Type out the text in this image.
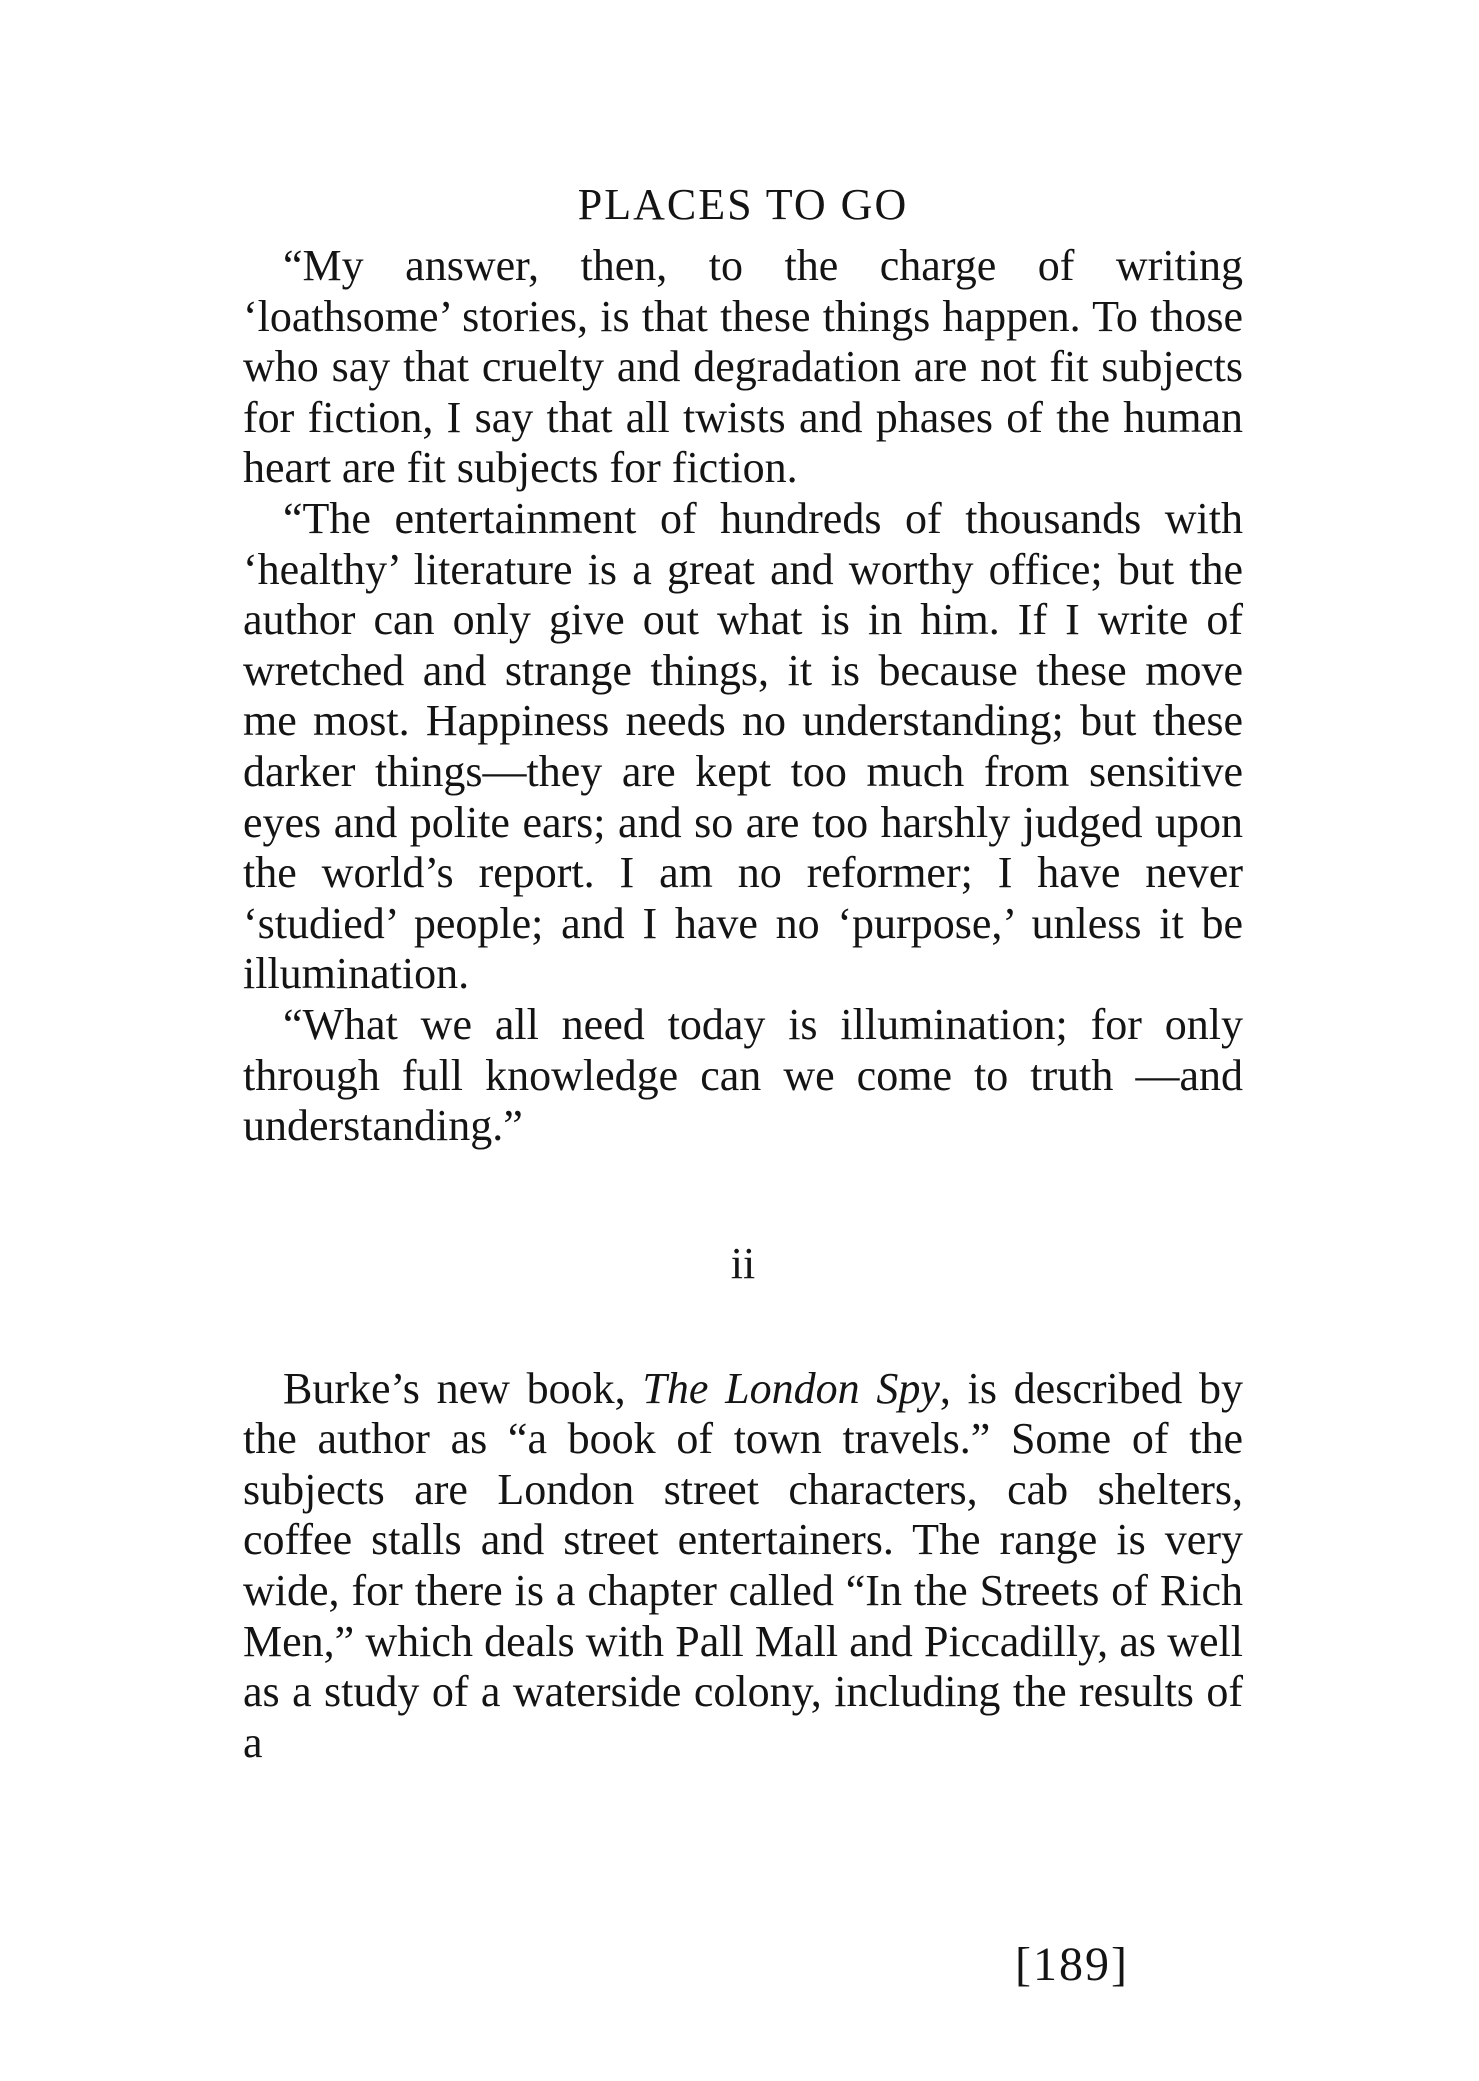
PLACES TO GO

“My answer, then, to the charge of writing ‘loathsome’ stories, is that these things happen. To those who say that cruelty and degradation are not fit subjects for fiction, I say that all twists and phases of the human heart are fit subjects for fiction.

“The entertainment of hundreds of thousands with ‘healthy’ literature is a great and worthy office; but the author can only give out what is in him. If I write of wretched and strange things, it is because these move me most. Happiness needs no understanding; but these darker things—they are kept too much from sensitive eyes and polite ears; and so are too harshly judged upon the world’s report. I am no reformer; I have never ‘studied’ people; and I have no ‘purpose,’ unless it be illumination.

“What we all need today is illumination; for only through full knowledge can we come to truth —and understanding.”

ii

Burke’s new book, The London Spy, is described by the author as “a book of town travels.” Some of the subjects are London street characters, cab shelters, coffee stalls and street entertainers. The range is very wide, for there is a chapter called “In the Streets of Rich Men,” which deals with Pall Mall and Piccadilly, as well as a study of a waterside colony, including the results of a

[189]
